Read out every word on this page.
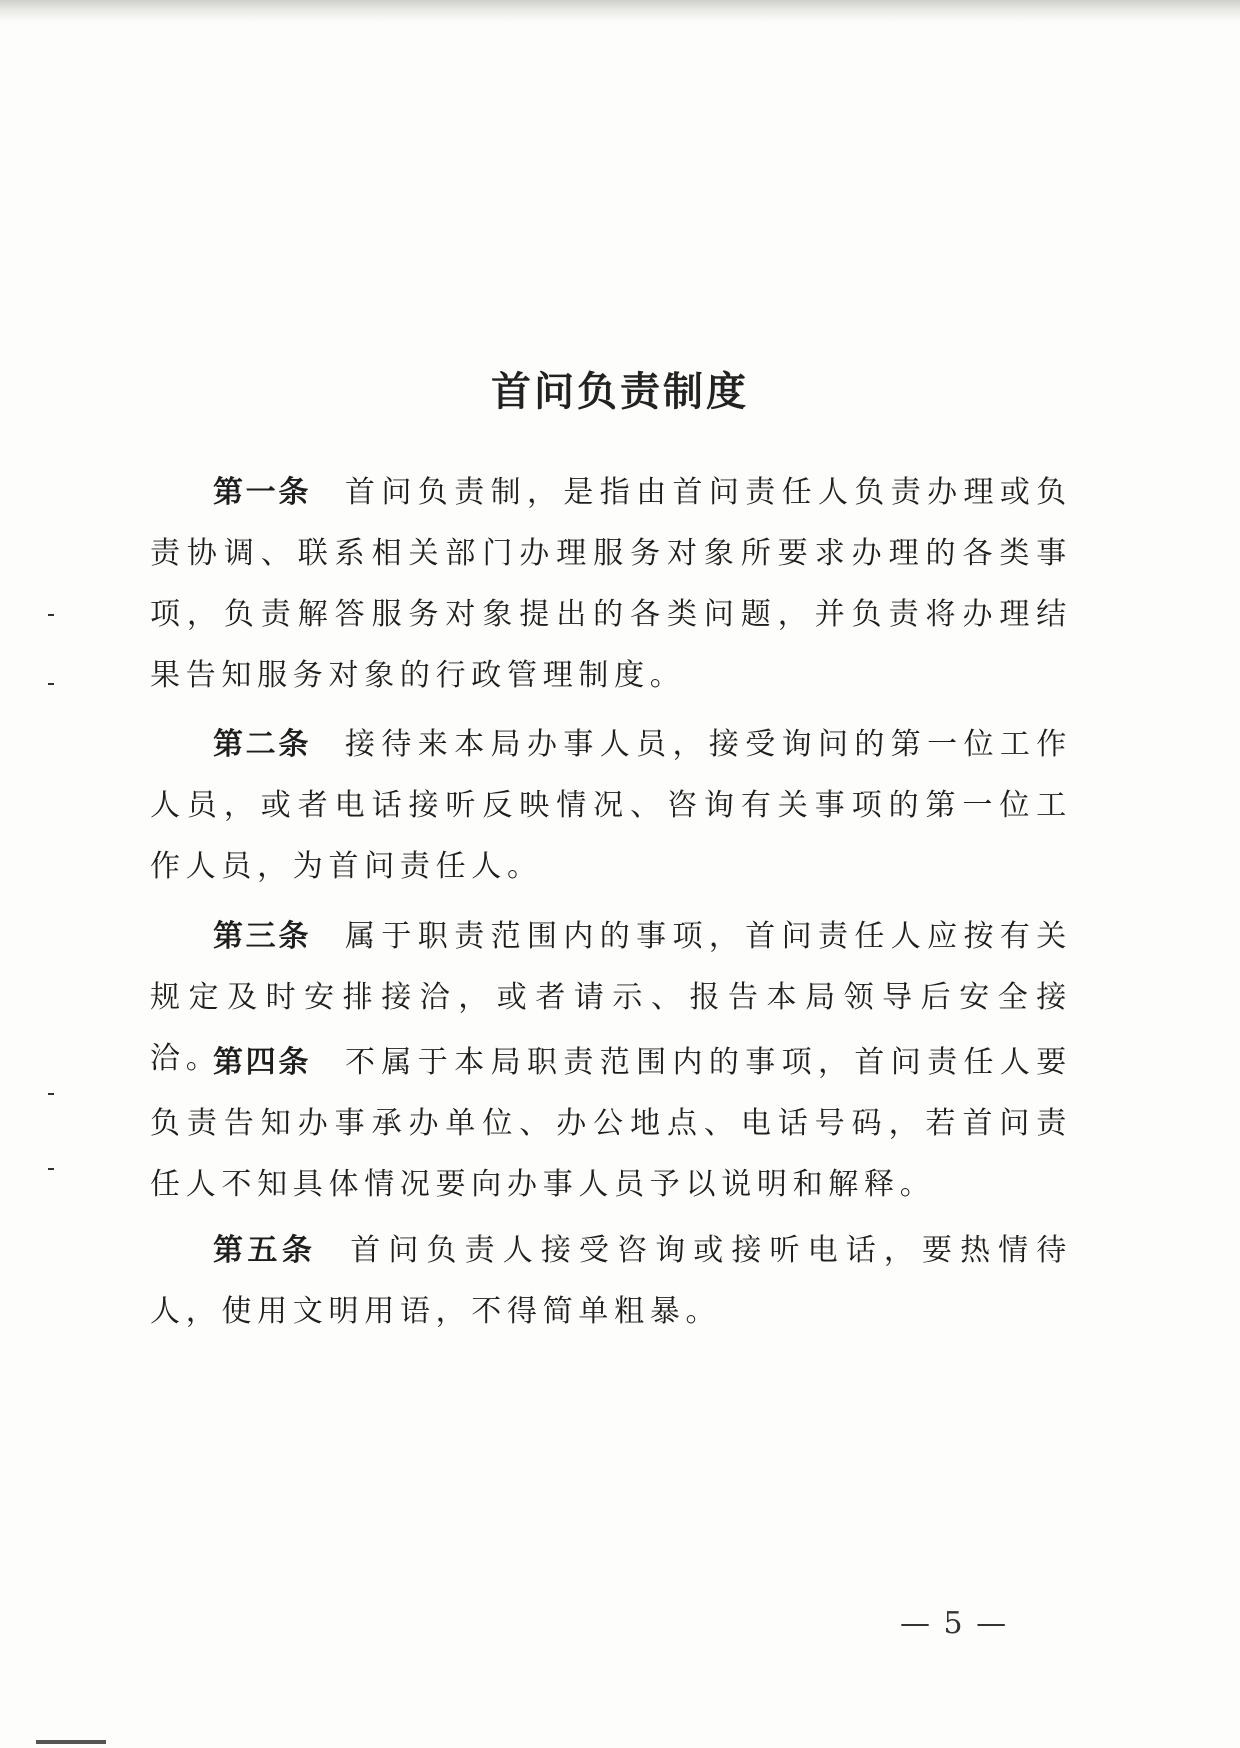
首问负责制度

第一条 首问负责制，是指由首问责任人负责办理或负责协调、联系相关部门办理服务对象所要求办理的各类事项，负责解答服务对象提出的各类问题，并负责将办理结果告知服务对象的行政管理制度。

第二条 接待来本局办事人员，接受询问的第一位工作人员，或者电话接听反映情况、咨询有关事项的第一位工作人员，为首问责任人。

第三条 属于职责范围内的事项，首问责任人应按有关规定及时安排接洽，或者请示、报告本局领导后安全接洽。

第四条 不属于本局职责范围内的事项，首问责任人要负责告知办事承办单位、办公地点、电话号码，若首问责任人不知具体情况要向办事人员予以说明和解释。

第五条 首问负责人接受咨询或接听电话，要热情待人，使用文明用语，不得简单粗暴。

— 5 —
